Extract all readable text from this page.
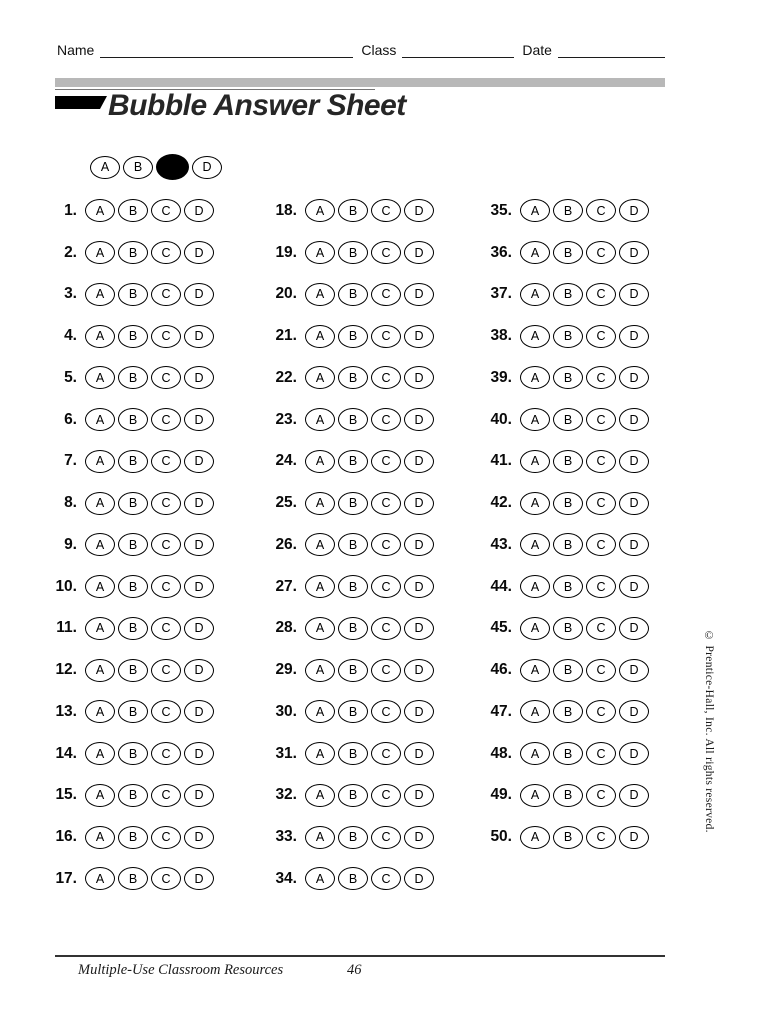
Name	Class	Date
Bubble Answer Sheet
A	B	D
1.	A	B	C	D
2.	A	B	C	D
3.	A	B	C	D
4.	A	B	C	D
5.	A	B	C	D
6.	A	B	C	D
7.	A	B	C	D
8.	A	B	C	D
9.	A	B	C	D
10.	A	B	C	D
11.	A	B	C	D
12.	A	B	C	D
13.	A	B	C	D
14.	A	B	C	D
15.	A	B	C	D
16.	A	B	C	D
17.	A	B	C	D
18.	A	B	C	D
19.	A	B	C	D
20.	A	B	C	D
21.	A	B	C	D
22.	A	B	C	D
23.	A	B	C	D
24.	A	B	C	D
25.	A	B	C	D
26.	A	B	C	D
27.	A	B	C	D
28.	A	B	C	D
29.	A	B	C	D
30.	A	B	C	D
31.	A	B	C	D
32.	A	B	C	D
33.	A	B	C	D
34.	A	B	C	D
35.	A	B	C	D
36.	A	B	C	D
37.	A	B	C	D
38.	A	B	C	D
39.	A	B	C	D
40.	A	B	C	D
41.	A	B	C	D
42.	A	B	C	D
43.	A	B	C	D
44.	A	B	C	D
45.	A	B	C	D
46.	A	B	C	D
47.	A	B	C	D
48.	A	B	C	D
49.	A	B	C	D
50.	A	B	C	D
© Prentice-Hall, Inc. All rights reserved.
Multiple-Use Classroom Resources	46
